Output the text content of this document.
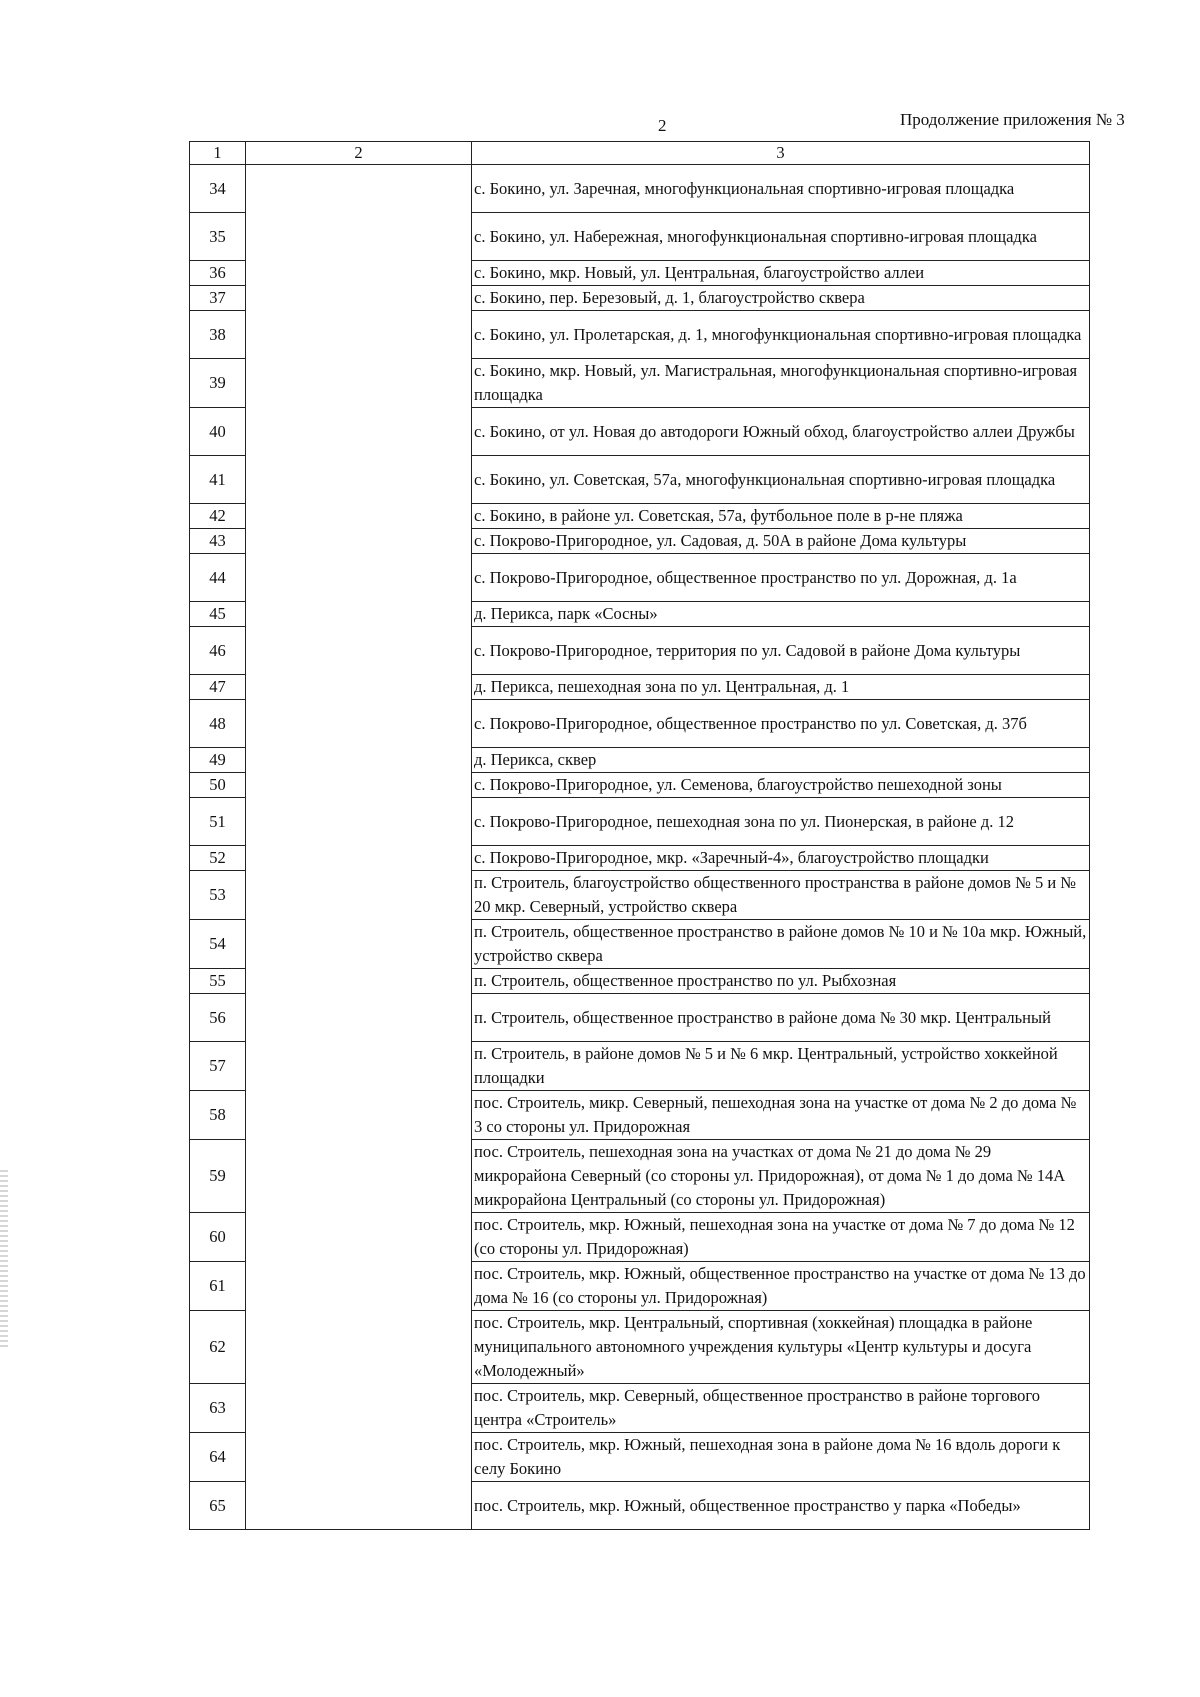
2	Продолжение приложения № 3
1	2	3
34		с. Бокино, ул. Заречная, многофункциональная спортивно-игровая площадка
35		с. Бокино, ул. Набережная, многофункциональная спортивно-игровая площадка
36		с. Бокино, мкр. Новый, ул. Центральная, благоустройство аллеи
37		с. Бокино, пер. Березовый, д. 1, благоустройство сквера
38		с. Бокино, ул. Пролетарская, д. 1, многофункциональная спортивно-игровая площадка
39		с. Бокино, мкр. Новый, ул. Магистральная, многофункциональная спортивно-игровая площадка
40		с. Бокино, от ул. Новая до автодороги Южный обход, благоустройство аллеи Дружбы
41		с. Бокино, ул. Советская, 57а, многофункциональная спортивно-игровая площадка
42		с. Бокино, в районе ул. Советская, 57а, футбольное поле в р-не пляжа
43		с. Покрово-Пригородное, ул. Садовая, д. 50А в районе Дома культуры
44		с. Покрово-Пригородное, общественное пространство по ул. Дорожная, д. 1а
45		д. Перикса, парк «Сосны»
46		с. Покрово-Пригородное, территория по ул. Садовой в районе Дома культуры
47		д. Перикса, пешеходная зона по ул. Центральная, д. 1
48		с. Покрово-Пригородное, общественное пространство по ул. Советская, д. 37б
49		д. Перикса, сквер
50		с. Покрово-Пригородное, ул. Семенова, благоустройство пешеходной зоны
51		с. Покрово-Пригородное, пешеходная зона по ул. Пионерская, в районе д. 12
52		с. Покрово-Пригородное, мкр. «Заречный-4», благоустройство площадки
53		п. Строитель, благоустройство общественного пространства в районе домов № 5 и № 20 мкр. Северный, устройство сквера
54		п. Строитель, общественное пространство в районе домов № 10 и № 10а мкр. Южный, устройство сквера
55		п. Строитель, общественное пространство по ул. Рыбхозная
56		п. Строитель, общественное пространство в районе дома № 30 мкр. Центральный
57		п. Строитель, в районе домов № 5 и № 6 мкр. Центральный, устройство хоккейной площадки
58		пос. Строитель, микр. Северный, пешеходная зона на участке от дома № 2 до дома № 3 со стороны ул. Придорожная
59		пос. Строитель, пешеходная зона на участках от дома № 21 до дома № 29 микрорайона Северный (со стороны ул. Придорожная), от дома № 1 до дома № 14А микрорайона Центральный (со стороны ул. Придорожная)
60		пос. Строитель, мкр. Южный, пешеходная зона на участке от дома № 7 до дома № 12 (со стороны ул. Придорожная)
61		пос. Строитель, мкр. Южный, общественное пространство на участке от дома № 13 до дома № 16 (со стороны ул. Придорожная)
62		пос. Строитель, мкр. Центральный, спортивная (хоккейная) площадка в районе муниципального автономного учреждения культуры «Центр культуры и досуга «Молодежный»
63		пос. Строитель, мкр. Северный, общественное пространство в районе торгового центра «Строитель»
64		пос. Строитель, мкр. Южный, пешеходная зона в районе дома № 16 вдоль дороги к селу Бокино
65		пос. Строитель, мкр. Южный, общественное пространство у парка «Победы»
